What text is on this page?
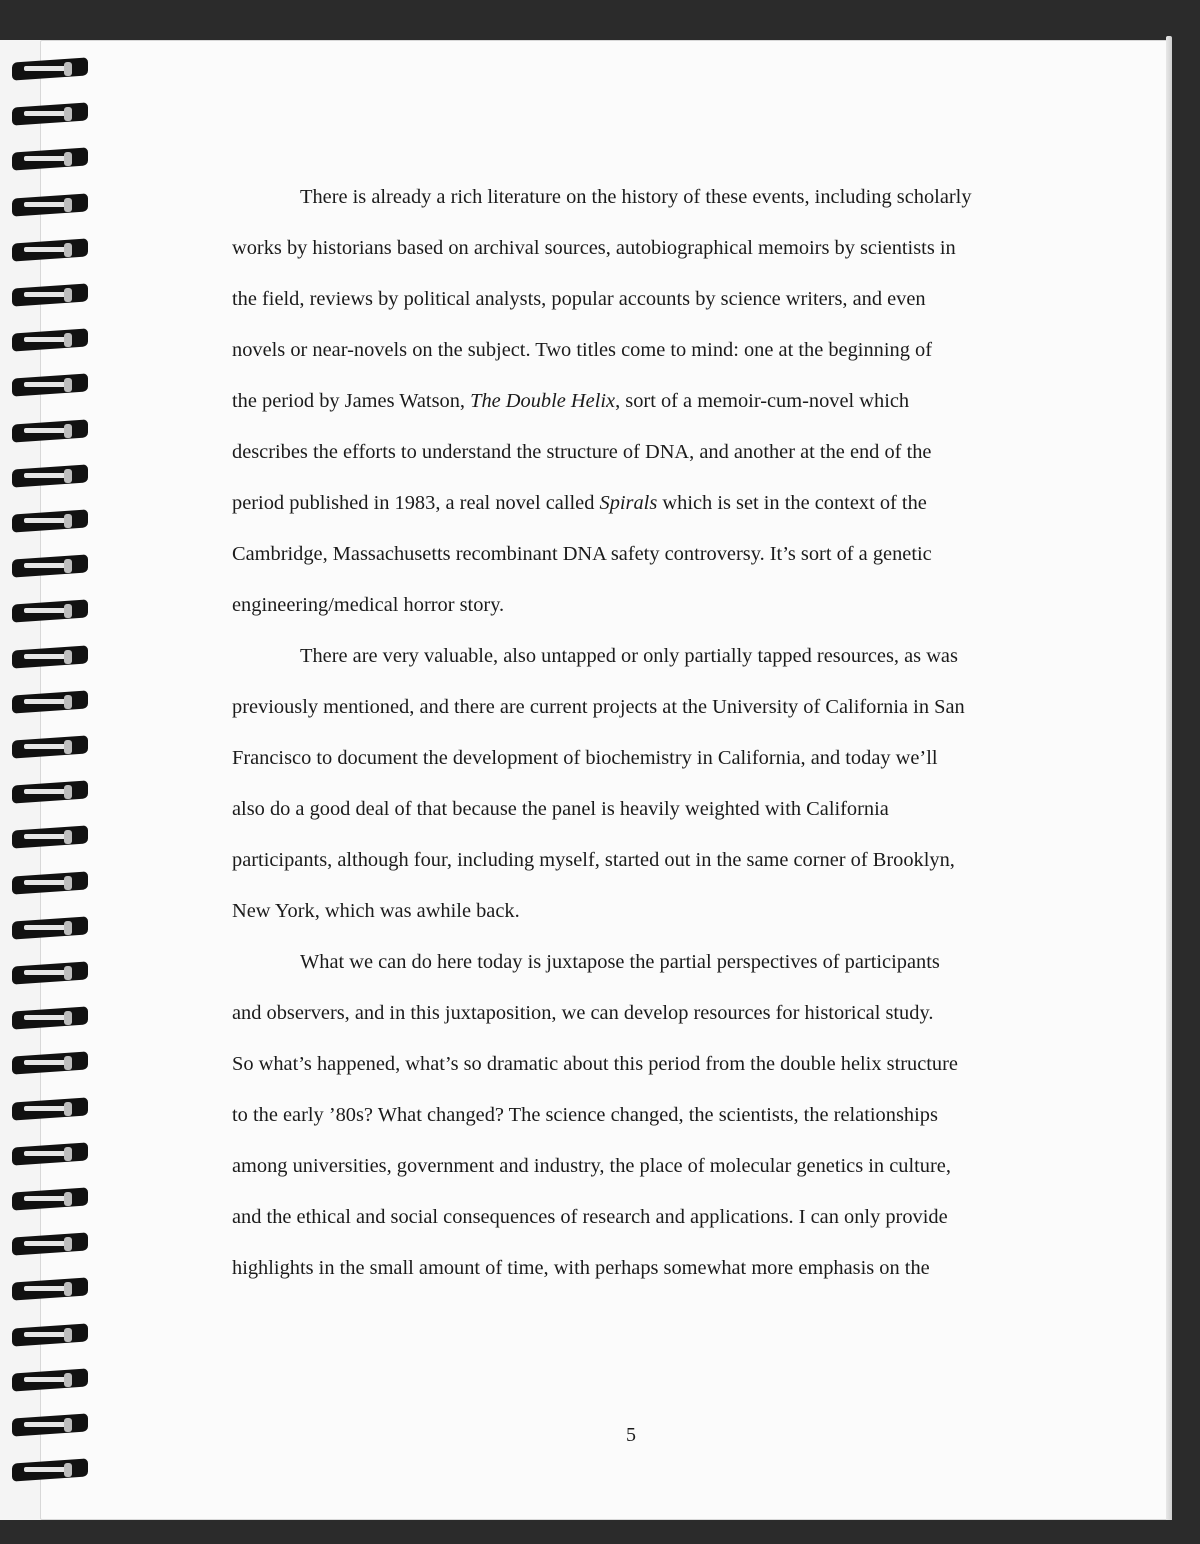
There is already a rich literature on the history of these events, including scholarly
works by historians based on archival sources, autobiographical memoirs by scientists in
the field, reviews by political analysts, popular accounts by science writers, and even
novels or near-novels on the subject. Two titles come to mind: one at the beginning of
the period by James Watson, The Double Helix, sort of a memoir-cum-novel which
describes the efforts to understand the structure of DNA, and another at the end of the
period published in 1983, a real novel called Spirals which is set in the context of the
Cambridge, Massachusetts recombinant DNA safety controversy. It’s sort of a genetic
engineering/medical horror story.

There are very valuable, also untapped or only partially tapped resources, as was
previously mentioned, and there are current projects at the University of California in San
Francisco to document the development of biochemistry in California, and today we’ll
also do a good deal of that because the panel is heavily weighted with California
participants, although four, including myself, started out in the same corner of Brooklyn,
New York, which was awhile back.

What we can do here today is juxtapose the partial perspectives of participants
and observers, and in this juxtaposition, we can develop resources for historical study.
So what’s happened, what’s so dramatic about this period from the double helix structure
to the early ’80s? What changed? The science changed, the scientists, the relationships
among universities, government and industry, the place of molecular genetics in culture,
and the ethical and social consequences of research and applications. I can only provide
highlights in the small amount of time, with perhaps somewhat more emphasis on the

5
